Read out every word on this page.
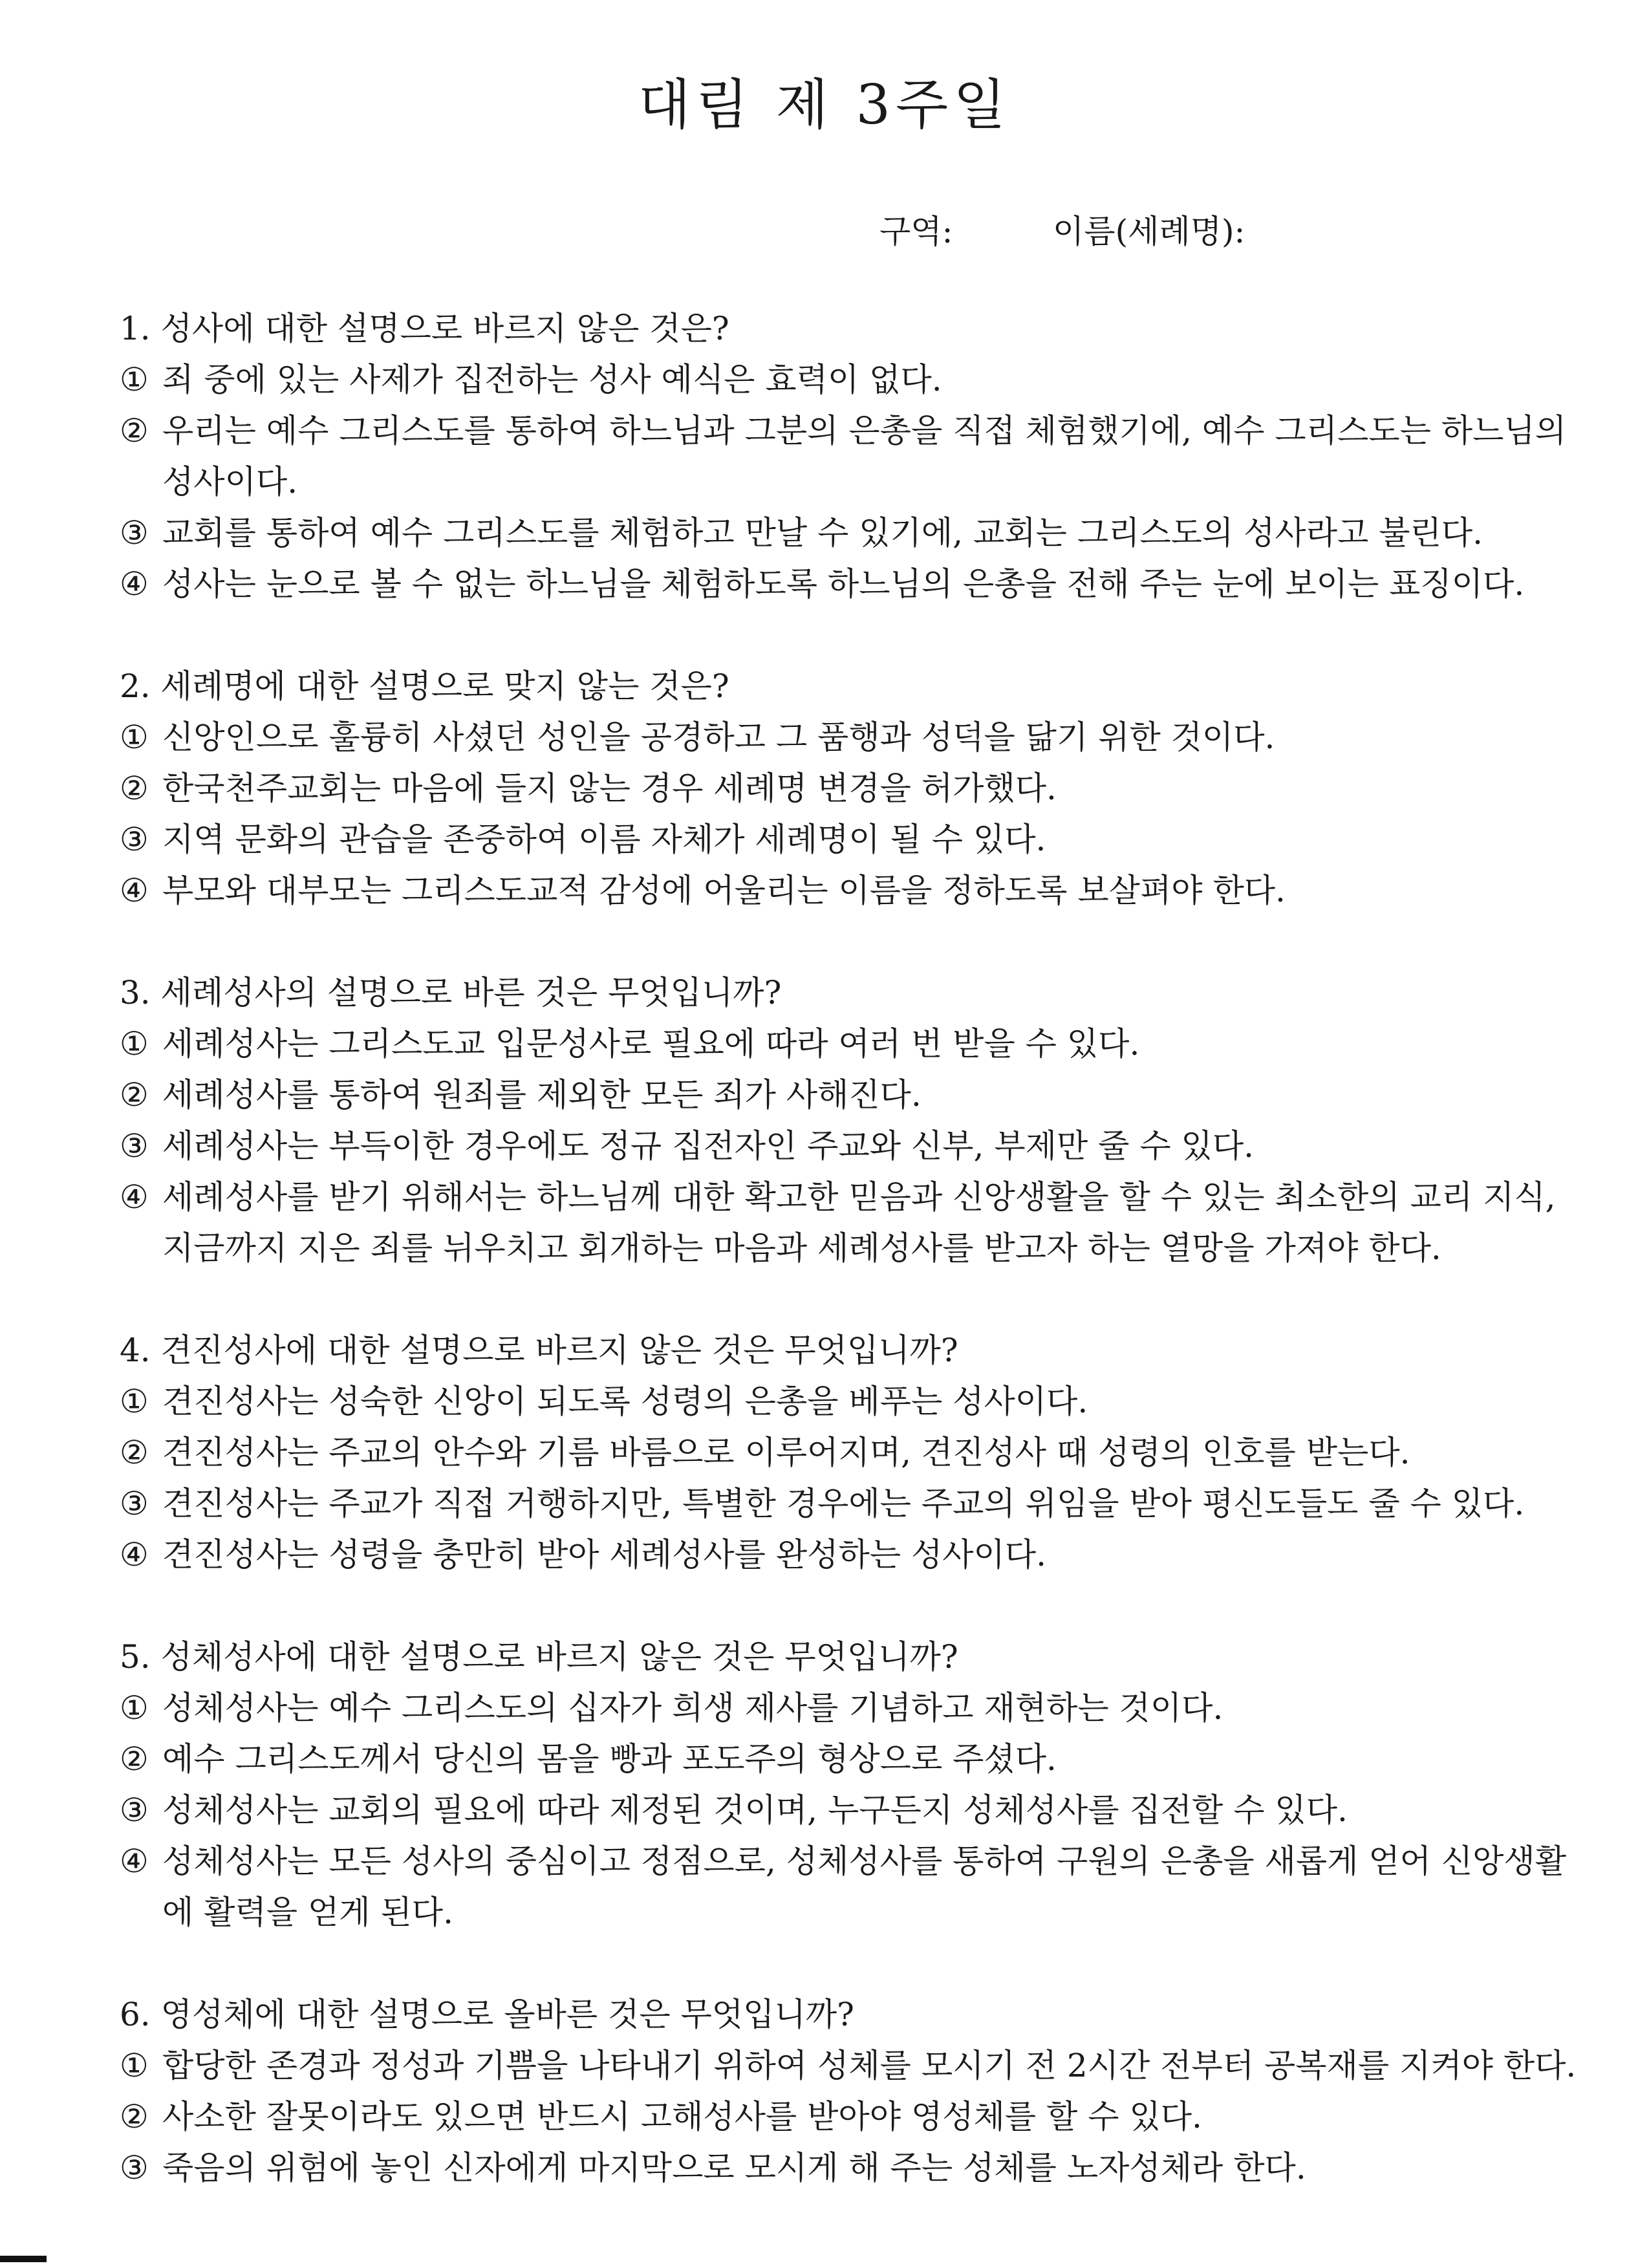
대림 제 3주일
구역:	이름(세례명):

1. 성사에 대한 설명으로 바르지 않은 것은?

① 죄 중에 있는 사제가 집전하는 성사 예식은 효력이 없다.
② 우리는 예수 그리스도를 통하여 하느님과 그분의 은총을 직접 체험했기에, 예수 그리스도는 하느님의 성사이다.
③ 교회를 통하여 예수 그리스도를 체험하고 만날 수 있기에, 교회는 그리스도의 성사라고 불린다.
④ 성사는 눈으로 볼 수 없는 하느님을 체험하도록 하느님의 은총을 전해 주는 눈에 보이는 표징이다.

2. 세례명에 대한 설명으로 맞지 않는 것은?

① 신앙인으로 훌륭히 사셨던 성인을 공경하고 그 품행과 성덕을 닮기 위한 것이다.
② 한국천주교회는 마음에 들지 않는 경우 세례명 변경을 허가했다.
③ 지역 문화의 관습을 존중하여 이름 자체가 세례명이 될 수 있다.
④ 부모와 대부모는 그리스도교적 감성에 어울리는 이름을 정하도록 보살펴야 한다.

3. 세례성사의 설명으로 바른 것은 무엇입니까?

① 세례성사는 그리스도교 입문성사로 필요에 따라 여러 번 받을 수 있다.
② 세례성사를 통하여 원죄를 제외한 모든 죄가 사해진다.
③ 세례성사는 부득이한 경우에도 정규 집전자인 주교와 신부, 부제만 줄 수 있다.
④ 세례성사를 받기 위해서는 하느님께 대한 확고한 믿음과 신앙생활을 할 수 있는 최소한의 교리 지식, 지금까지 지은 죄를 뉘우치고 회개하는 마음과 세례성사를 받고자 하는 열망을 가져야 한다.

4. 견진성사에 대한 설명으로 바르지 않은 것은 무엇입니까?

① 견진성사는 성숙한 신앙이 되도록 성령의 은총을 베푸는 성사이다.
② 견진성사는 주교의 안수와 기름 바름으로 이루어지며, 견진성사 때 성령의 인호를 받는다.
③ 견진성사는 주교가 직접 거행하지만, 특별한 경우에는 주교의 위임을 받아 평신도들도 줄 수 있다.
④ 견진성사는 성령을 충만히 받아 세례성사를 완성하는 성사이다.

5. 성체성사에 대한 설명으로 바르지 않은 것은 무엇입니까?

① 성체성사는 예수 그리스도의 십자가 희생 제사를 기념하고 재현하는 것이다.
② 예수 그리스도께서 당신의 몸을 빵과 포도주의 형상으로 주셨다.
③ 성체성사는 교회의 필요에 따라 제정된 것이며, 누구든지 성체성사를 집전할 수 있다.
④ 성체성사는 모든 성사의 중심이고 정점으로, 성체성사를 통하여 구원의 은총을 새롭게 얻어 신앙생활에 활력을 얻게 된다.

6. 영성체에 대한 설명으로 올바른 것은 무엇입니까?

① 합당한 존경과 정성과 기쁨을 나타내기 위하여 성체를 모시기 전 2시간 전부터 공복재를 지켜야 한다.
② 사소한 잘못이라도 있으면 반드시 고해성사를 받아야 영성체를 할 수 있다.
③ 죽음의 위험에 놓인 신자에게 마지막으로 모시게 해 주는 성체를 노자성체라 한다.
